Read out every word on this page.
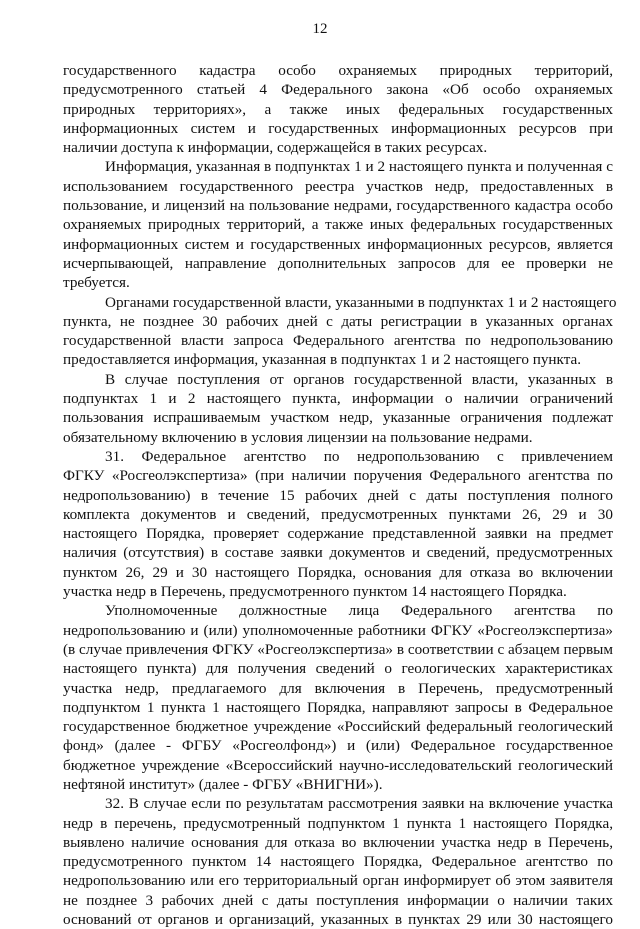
12

государственного кадастра особо охраняемых природных территорий,
предусмотренного статьей 4 Федерального закона «Об особо охраняемых
природных территориях», а также иных федеральных государственных
информационных систем и государственных информационных ресурсов при
наличии доступа к информации, содержащейся в таких ресурсах.

Информация, указанная в подпунктах 1 и 2 настоящего пункта и полученная с
использованием государственного реестра участков недр, предоставленных в
пользование, и лицензий на пользование недрами, государственного кадастра особо
охраняемых природных территорий, а также иных федеральных государственных
информационных систем и государственных информационных ресурсов, является
исчерпывающей, направление дополнительных запросов для ее проверки не
требуется.

Органами государственной власти, указанными в подпунктах 1 и 2 настоящего
пункта, не позднее 30 рабочих дней с даты регистрации в указанных органах
государственной власти запроса Федерального агентства по недропользованию
предоставляется информация, указанная в подпунктах 1 и 2 настоящего пункта.

В случае поступления от органов государственной власти, указанных в
подпунктах 1 и 2 настоящего пункта, информации о наличии ограничений
пользования испрашиваемым участком недр, указанные ограничения подлежат
обязательному включению в условия лицензии на пользование недрами.

31. Федеральное агентство по недропользованию с привлечением
ФГКУ «Росгеолэкспертиза» (при наличии поручения Федерального агентства по
недропользованию) в течение 15 рабочих дней с даты поступления полного
комплекта документов и сведений, предусмотренных пунктами 26, 29 и 30
настоящего Порядка, проверяет содержание представленной заявки на предмет
наличия (отсутствия) в составе заявки документов и сведений, предусмотренных
пунктом 26, 29 и 30 настоящего Порядка, основания для отказа во включении
участка недр в Перечень, предусмотренного пунктом 14 настоящего Порядка.

Уполномоченные должностные лица Федерального агентства по
недропользованию и (или) уполномоченные работники ФГКУ «Росгеолэкспертиза»
(в случае привлечения ФГКУ «Росгеолэкспертиза» в соответствии с абзацем первым
настоящего пункта) для получения сведений о геологических характеристиках
участка недр, предлагаемого для включения в Перечень, предусмотренный
подпунктом 1 пункта 1 настоящего Порядка, направляют запросы в Федеральное
государственное бюджетное учреждение «Российский федеральный геологический
фонд» (далее - ФГБУ «Росгеолфонд») и (или) Федеральное государственное
бюджетное учреждение «Всероссийский научно-исследовательский геологический
нефтяной институт» (далее - ФГБУ «ВНИГНИ»).

32. В случае если по результатам рассмотрения заявки на включение участка
недр в перечень, предусмотренный подпунктом 1 пункта 1 настоящего Порядка,
выявлено наличие основания для отказа во включении участка недр в Перечень,
предусмотренного пунктом 14 настоящего Порядка, Федеральное агентство по
недропользованию или его территориальный орган информирует об этом заявителя
не позднее 3 рабочих дней с даты поступления информации о наличии таких
оснований от органов и организаций, указанных в пунктах 29 или 30 настоящего
